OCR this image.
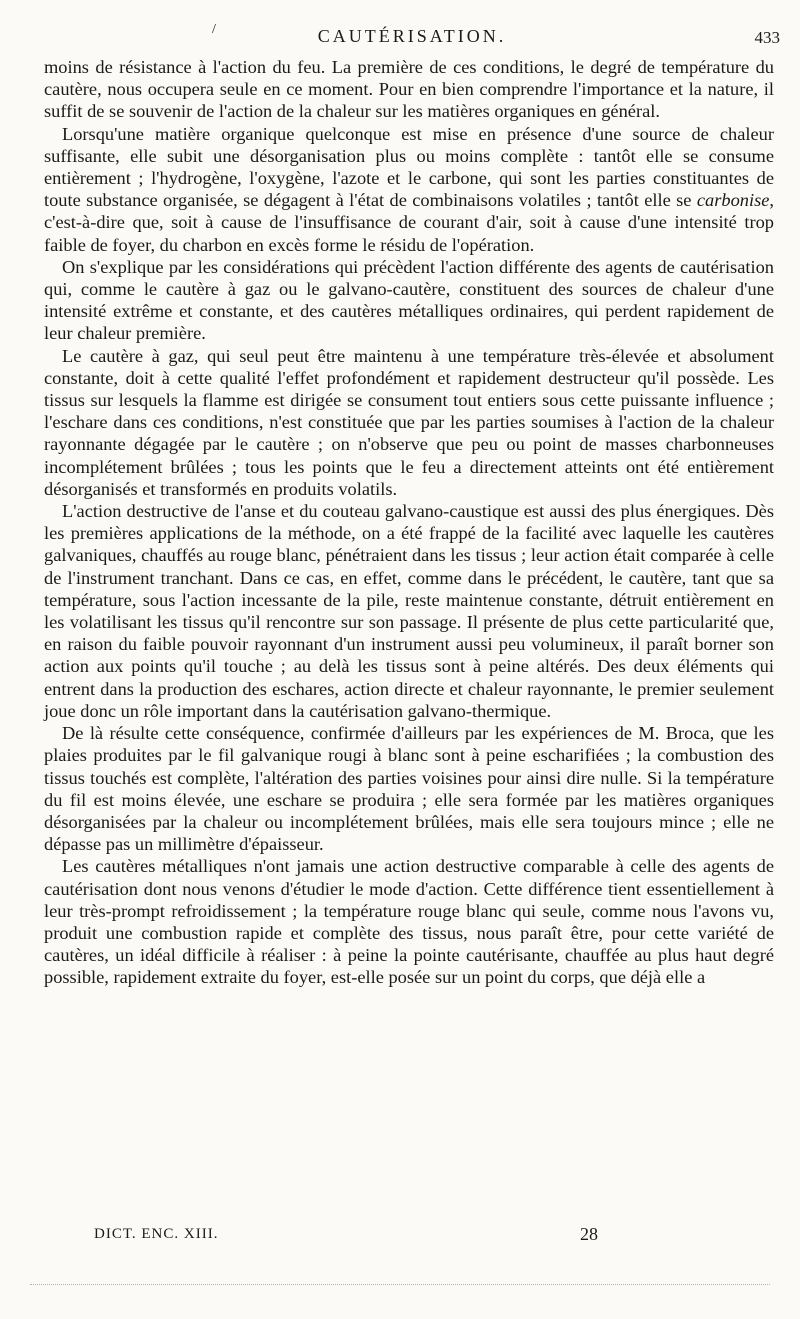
/	CAUTÉRISATION.	433

moins de résistance à l'action du feu. La première de ces conditions, le degré de température du cautère, nous occupera seule en ce moment. Pour en bien comprendre l'importance et la nature, il suffit de se souvenir de l'action de la chaleur sur les matières organiques en général.

Lorsqu'une matière organique quelconque est mise en présence d'une source de chaleur suffisante, elle subit une désorganisation plus ou moins complète : tantôt elle se consume entièrement ; l'hydrogène, l'oxygène, l'azote et le carbone, qui sont les parties constituantes de toute substance organisée, se dégagent à l'état de combinaisons volatiles ; tantôt elle se carbonise, c'est-à-dire que, soit à cause de l'insuffisance de courant d'air, soit à cause d'une intensité trop faible de foyer, du charbon en excès forme le résidu de l'opération.

On s'explique par les considérations qui précèdent l'action différente des agents de cautérisation qui, comme le cautère à gaz ou le galvano-cautère, constituent des sources de chaleur d'une intensité extrême et constante, et des cautères métalliques ordinaires, qui perdent rapidement de leur chaleur première.

Le cautère à gaz, qui seul peut être maintenu à une température très-élevée et absolument constante, doit à cette qualité l'effet profondément et rapidement destructeur qu'il possède. Les tissus sur lesquels la flamme est dirigée se consument tout entiers sous cette puissante influence ; l'eschare dans ces conditions, n'est constituée que par les parties soumises à l'action de la chaleur rayonnante dégagée par le cautère ; on n'observe que peu ou point de masses charbonneuses incomplétement brûlées ; tous les points que le feu a directement atteints ont été entièrement désorganisés et transformés en produits volatils.

L'action destructive de l'anse et du couteau galvano-caustique est aussi des plus énergiques. Dès les premières applications de la méthode, on a été frappé de la facilité avec laquelle les cautères galvaniques, chauffés au rouge blanc, pénétraient dans les tissus ; leur action était comparée à celle de l'instrument tranchant. Dans ce cas, en effet, comme dans le précédent, le cautère, tant que sa température, sous l'action incessante de la pile, reste maintenue constante, détruit entièrement en les volatilisant les tissus qu'il rencontre sur son passage. Il présente de plus cette particularité que, en raison du faible pouvoir rayonnant d'un instrument aussi peu volumineux, il paraît borner son action aux points qu'il touche ; au delà les tissus sont à peine altérés. Des deux éléments qui entrent dans la production des eschares, action directe et chaleur rayonnante, le premier seulement joue donc un rôle important dans la cautérisation galvano-thermique.

De là résulte cette conséquence, confirmée d'ailleurs par les expériences de M. Broca, que les plaies produites par le fil galvanique rougi à blanc sont à peine escharifiées ; la combustion des tissus touchés est complète, l'altération des parties voisines pour ainsi dire nulle. Si la température du fil est moins élevée, une eschare se produira ; elle sera formée par les matières organiques désorganisées par la chaleur ou incomplétement brûlées, mais elle sera toujours mince ; elle ne dépasse pas un millimètre d'épaisseur.

Les cautères métalliques n'ont jamais une action destructive comparable à celle des agents de cautérisation dont nous venons d'étudier le mode d'action. Cette différence tient essentiellement à leur très-prompt refroidissement ; la température rouge blanc qui seule, comme nous l'avons vu, produit une combustion rapide et complète des tissus, nous paraît être, pour cette variété de cautères, un idéal difficile à réaliser : à peine la pointe cautérisante, chauffée au plus haut degré possible, rapidement extraite du foyer, est-elle posée sur un point du corps, que déjà elle a

DICT. ENC. XIII.	28
